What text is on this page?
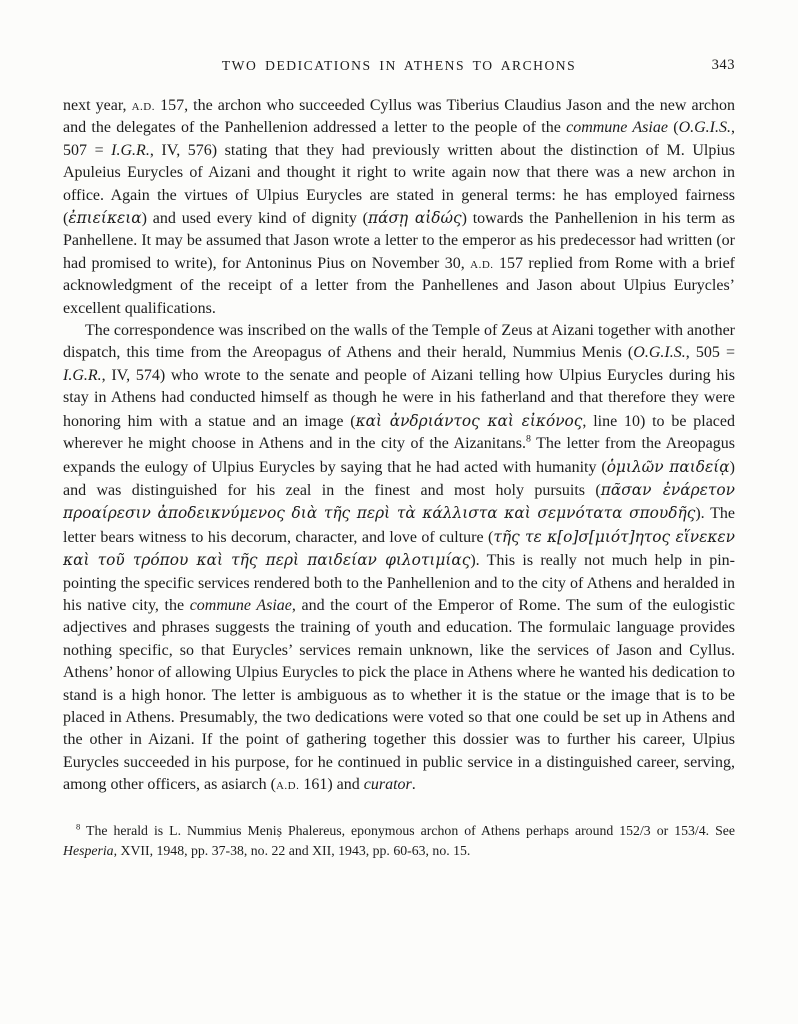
TWO DEDICATIONS IN ATHENS TO ARCHONS	343

next year, A.D. 157, the archon who succeeded Cyllus was Tiberius Claudius Jason and the new archon and the delegates of the Panhellenion addressed a letter to the people of the commune Asiae (O.G.I.S., 507 = I.G.R., IV, 576) stating that they had previously written about the distinction of M. Ulpius Apuleius Eurycles of Aizani and thought it right to write again now that there was a new archon in office. Again the virtues of Ulpius Eurycles are stated in general terms: he has employed fairness (ἐπιείκεια) and used every kind of dignity (πάσῃ αἰδώς) towards the Panhellenion in his term as Panhellene. It may be assumed that Jason wrote a letter to the emperor as his predecessor had written (or had promised to write), for Antoninus Pius on November 30, A.D. 157 replied from Rome with a brief acknowledgment of the receipt of a letter from the Panhellenes and Jason about Ulpius Eurycles’ excellent qualifications.

The correspondence was inscribed on the walls of the Temple of Zeus at Aizani together with another dispatch, this time from the Areopagus of Athens and their herald, Nummius Menis (O.G.I.S., 505 = I.G.R., IV, 574) who wrote to the senate and people of Aizani telling how Ulpius Eurycles during his stay in Athens had conducted himself as though he were in his fatherland and that therefore they were honoring him with a statue and an image (καὶ ἀνδριάντος καὶ εἰκόνος, line 10) to be placed wherever he might choose in Athens and in the city of the Aizanitans.$^8$ The letter from the Areopagus expands the eulogy of Ulpius Eurycles by saying that he had acted with humanity (ὁμιλῶν παιδείᾳ) and was distinguished for his zeal in the finest and most holy pursuits (πᾶσαν ἐνάρετον προαίρεσιν ἀποδεικνύμενος διὰ τῆς περὶ τὰ κάλλιστα καὶ σεμνότατα σπουδῆς). The letter bears witness to his decorum, character, and love of culture (τῆς τε κ[ο]σ[μιότ]ητος εἵνεκεν καὶ τοῦ τρόπου καὶ τῆς περὶ παιδείαν φιλοτιμίας). This is really not much help in pin-pointing the specific services rendered both to the Panhellenion and to the city of Athens and heralded in his native city, the commune Asiae, and the court of the Emperor of Rome. The sum of the eulogistic adjectives and phrases suggests the training of youth and education. The formulaic language provides nothing specific, so that Eurycles’ services remain unknown, like the services of Jason and Cyllus. Athens’ honor of allowing Ulpius Eurycles to pick the place in Athens where he wanted his dedication to stand is a high honor. The letter is ambiguous as to whether it is the statue or the image that is to be placed in Athens. Presumably, the two dedications were voted so that one could be set up in Athens and the other in Aizani. If the point of gathering together this dossier was to further his career, Ulpius Eurycles succeeded in his purpose, for he continued in public service in a distinguished career, serving, among other officers, as asiarch (A.D. 161) and curator.

$^8$ The herald is L. Nummius Meniṣ Phalereus, eponymous archon of Athens perhaps around 152/3 or 153/4. See Hesperia, XVII, 1948, pp. 37-38, no. 22 and XII, 1943, pp. 60-63, no. 15.
